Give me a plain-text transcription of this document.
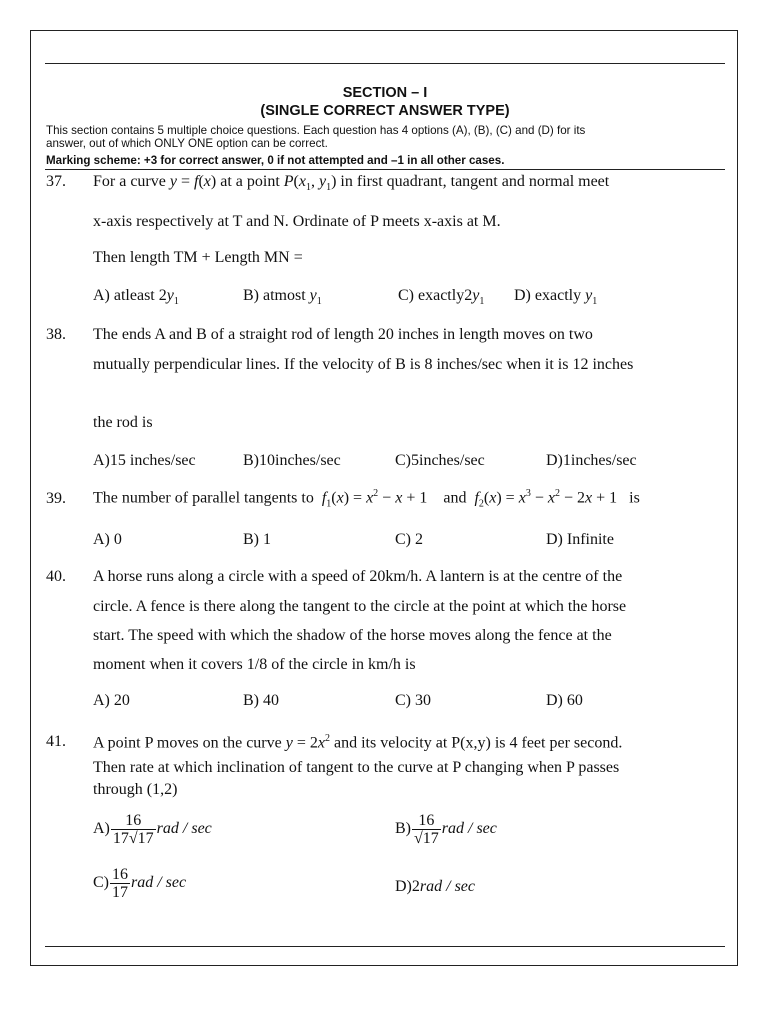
SECTION – I
(SINGLE CORRECT ANSWER TYPE)
This section contains 5 multiple choice questions. Each question has 4 options (A), (B), (C) and (D) for its
answer, out of which ONLY ONE option can be correct.
Marking scheme: +3 for correct answer, 0 if not attempted and –1 in all other cases.
37. For a curve y = f(x) at a point $P(x_1$, $y_1$) in first quadrant, tangent and normal meet
x-axis respectively at T and N. Ordinate of P meets x-axis at M.
Then length TM + Length MN =
A) atleast $2y_1$	B) atmost $y_1$	C) $exactly2y_1$ D) exactly $y_1$
38. The ends A and B of a straight rod of length 20 inches in length moves on two
mutually perpendicular lines. If the velocity of B is 8 inches/sec when it is 12 inches
the rod is
A)15 inches/sec	B)10inches/sec	C)5inches/sec	D)1inches/sec
39. The number of parallel tangents to $f_1(x) = x^2 - x + 1$    and $f_2(x) = x^3 - x^2 - 2x + 1$   is
A) 0	B) 1	C) 2	D) Infinite
40. A horse runs along a circle with a speed of 20km/h. A lantern is at the centre of the
circle. A fence is there along the tangent to the circle at the point at which the horse
start. The speed with which the shadow of the horse moves along the fence at the
moment when it covers 1/8 of the circle in km/h is
A) 20	B) 40	C) 30	D) 60
41. A point P moves on the curve $y = 2x^2$ and its velocity at P(x,y) is 4 feet per second.
Then rate at which inclination of tangent to the curve at P changing when P passes
through (1,2)
$A) \frac{16}{17√17}$ rad / sec	$B) \frac{16}{√17}$ rad / sec
$C) \frac{16}{17}$ rad / sec	D)2rad / sec
